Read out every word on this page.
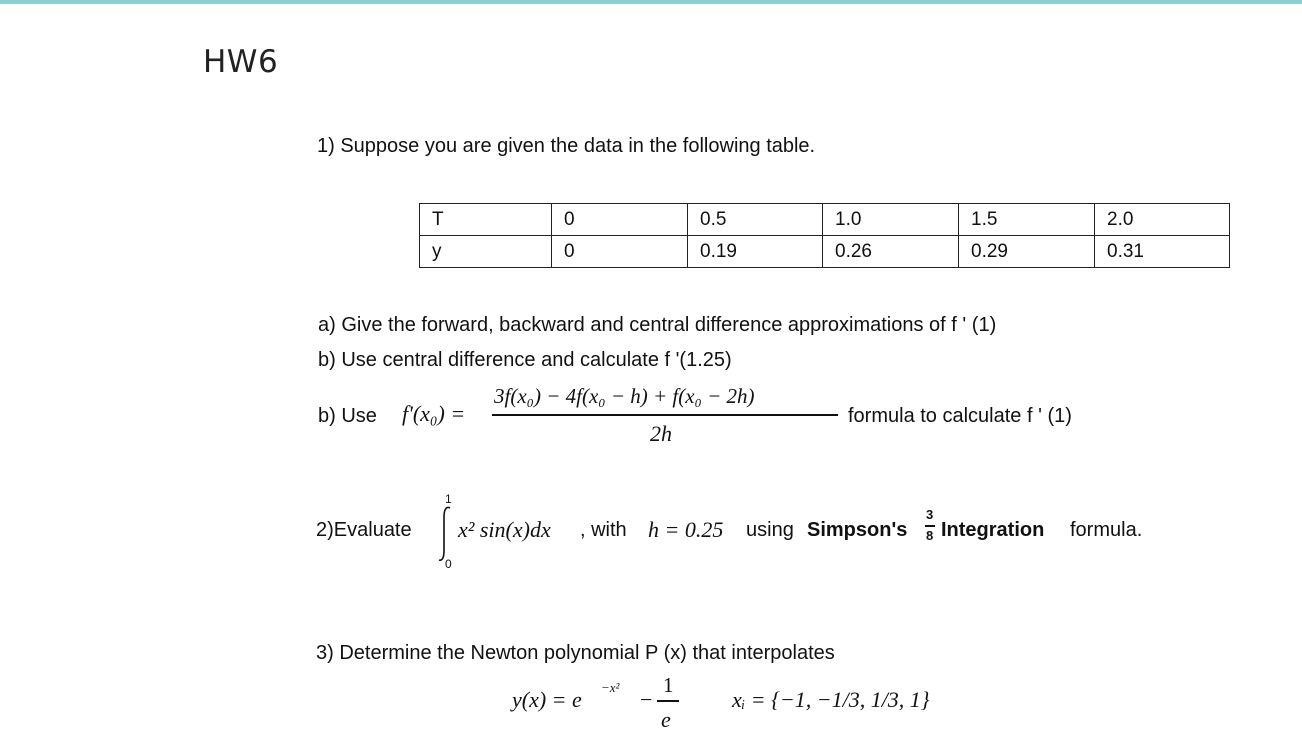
HW6
1) Suppose you are given the data in the following table.
T	0	0.5	1.0	1.5	2.0
y	0	0.19	0.26	0.29	0.31
a) Give the forward, backward and central difference approximations of f ' (1)
b) Use central difference and calculate f '(1.25)
b) Use f'(x₀) =
3f(x₀) − 4f(x₀ − h) + f(x₀ − 2h)
2h
formula to calculate f ' (1)
2)Evaluate
1
0
x² sin(x)dx , with h = 0.25 using Simpson's
3
8 Integration formula.
3) Determine the Newton polynomial P (x) that interpolates
y(x) = e −x² −
1
e
xᵢ = {−1, −1/3, 1/3, 1}
